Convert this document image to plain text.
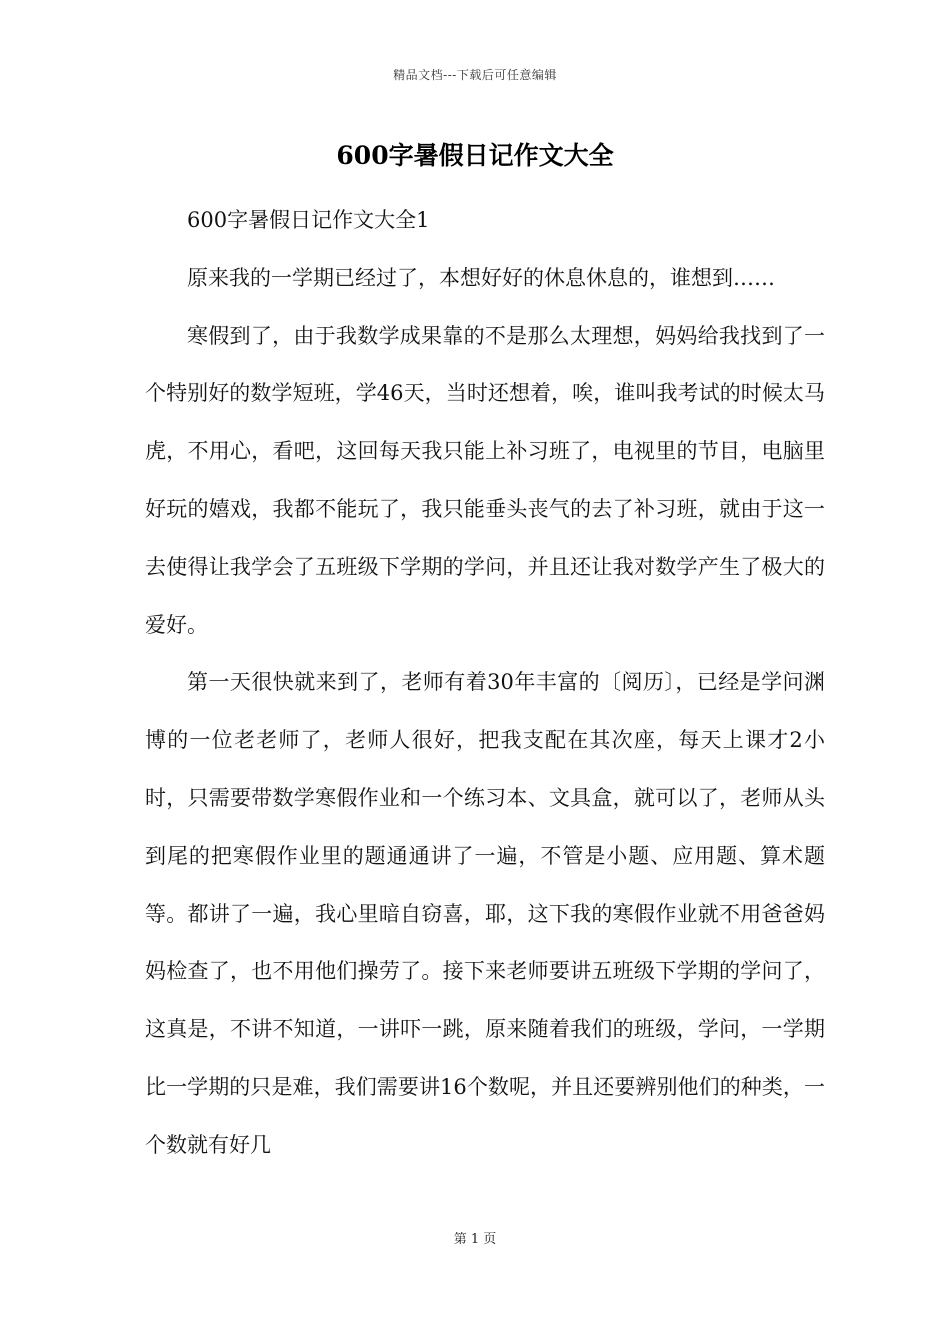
精品文档---下载后可任意编辑
600字暑假日记作文大全

600字暑假日记作文大全1

原来我的一学期已经过了，本想好好的休息休息的，谁想到……

寒假到了，由于我数学成果靠的不是那么太理想，妈妈给我找到了一个特别好的数学短班，学46天，当时还想着，唉，谁叫我考试的时候太马虎，不用心，看吧，这回每天我只能上补习班了，电视里的节目，电脑里好玩的嬉戏，我都不能玩了，我只能垂头丧气的去了补习班，就由于这一去使得让我学会了五班级下学期的学问，并且还让我对数学产生了极大的爱好。

第一天很快就来到了，老师有着30年丰富的〔阅历〕，已经是学问渊博的一位老老师了，老师人很好，把我支配在其次座，每天上课才2小时，只需要带数学寒假作业和一个练习本、文具盒，就可以了，老师从头到尾的把寒假作业里的题通通讲了一遍，不管是小题、应用题、算术题等。都讲了一遍，我心里暗自窃喜，耶，这下我的寒假作业就不用爸爸妈妈检查了，也不用他们操劳了。接下来老师要讲五班级下学期的学问了，这真是，不讲不知道，一讲吓一跳，原来随着我们的班级，学问，一学期比一学期的只是难，我们需要讲16个数呢，并且还要辨别他们的种类，一个数就有好几

第 1 页
